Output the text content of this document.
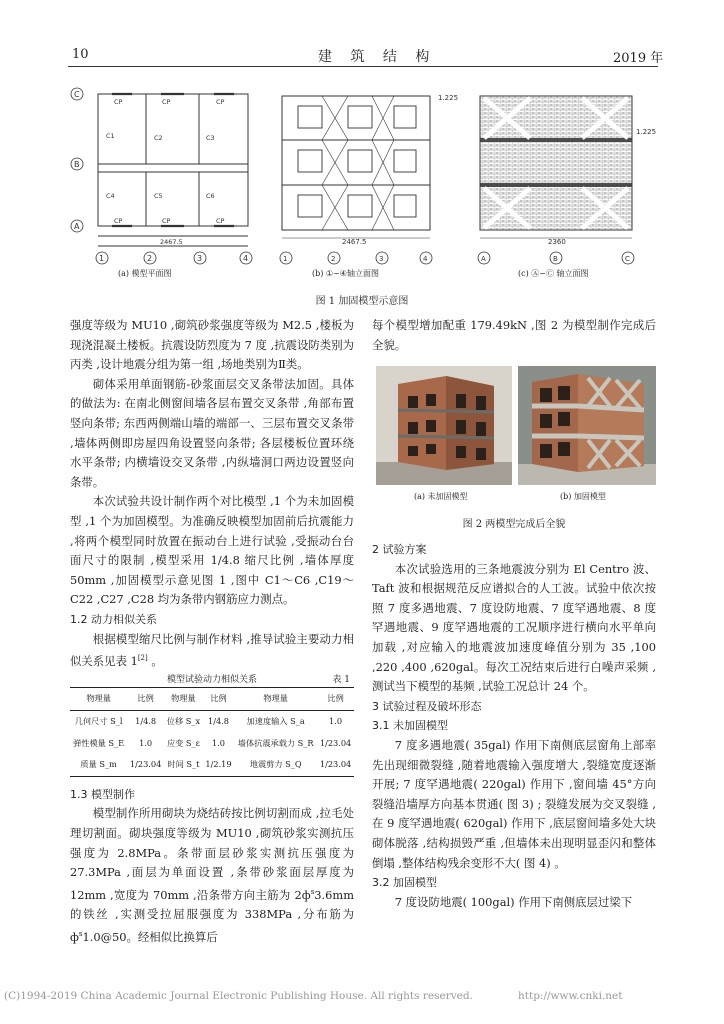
10	建 筑 结 构	2019 年
CP	CP	CP
CP	CP	CP
C1	C2	C3
C4	C5	C6
C
B
A
1	2	3	4
2467.5
1	2	3	4
2467.5
1.225
A	B	C
2360
1.225
(a) 模型平面图	(b) ①~④轴立面图	(c) Ⓐ~Ⓒ 轴立面图
图 1 加固模型示意图

强度等级为 MU10 ,砌筑砂浆强度等级为 M2.5 ,楼板为现浇混凝土楼板。抗震设防烈度为 7 度 ,抗震设防类别为丙类 ,设计地震分组为第一组 ,场地类别为Ⅱ类。

砌体采用单面钢筋-砂浆面层交叉条带法加固。具体的做法为: 在南北侧窗间墙各层布置交叉条带 ,角部布置竖向条带; 东西两侧端山墙的端部一、三层布置交叉条带 ,墙体两侧即房屋四角设置竖向条带; 各层楼板位置环绕水平条带; 内横墙设交叉条带 ,内纵墙洞口两边设置竖向条带。

本次试验共设计制作两个对比模型 ,1 个为未加固模型 ,1 个为加固模型。为准确反映模型加固前后抗震能力 ,将两个模型同时放置在振动台上进行试验 ,受振动台台面尺寸的限制 ,模型采用 1/4.8 缩尺比例 ,墙体厚度 50mm ,加固模型示意见图 1 ,图中 C1～C6 ,C19～C22 ,C27 ,C28 均为条带内钢筋应力测点。

1.2 动力相似关系

根据模型缩尺比例与制作材料 ,推导试验主要动力相似关系见表 1[2] 。

模型试验动力相似关系	表 1
物理量	比例	物理量	比例	物理量	比例
几何尺寸 S_l	1/4.8	位移 S_x	1/4.8	加速度输入 S_a	1.0
弹性模量 S_E	1.0	应变 S_ε	1.0	墙体抗震承载力 S_R	1/23.04
质量 S_m	1/23.04	时间 S_t	1/2.19	地震剪力 S_Q	1/23.04

1.3 模型制作

模型制作所用砌块为烧结砖按比例切割而成 ,拉毛处理切割面。砌块强度等级为 MU10 ,砌筑砂浆实测抗压强度为 2.8MPa。条带面层砂浆实测抗压强度为 27.3MPa ,面层为单面设置 ,条带砂浆面层厚度为 12mm ,宽度为 70mm ,沿条带方向主筋为 $2ф^s3.6mm$ 的铁丝 ,实测受拉屈服强度为 338MPa ,分布筋为 $ф^s1.0@50$。经相似比换算后

每个模型增加配重 179.49kN ,图 2 为模型制作完成后全貌。

(a) 未加固模型	(b) 加固模型
图 2 两模型完成后全貌

2 试验方案

本次试验选用的三条地震波分别为 El Centro 波、Taft 波和根据规范反应谱拟合的人工波。试验中依次按照 7 度多遇地震、7 度设防地震、7 度罕遇地震、8 度罕遇地震、9 度罕遇地震的工况顺序进行横向水平单向加载 ,对应输入的地震波加速度峰值分别为 35 ,100 ,220 ,400 ,620gal。每次工况结束后进行白噪声采频 ,测试当下模型的基频 ,试验工况总计 24 个。

3 试验过程及破坏形态

3.1 未加固模型

7 度多遇地震( 35gal) 作用下南侧底层窗角上部率先出现细微裂缝 ,随着地震输入强度增大 ,裂缝宽度逐渐开展; 7 度罕遇地震( 220gal) 作用下 ,窗间墙 45°方向裂缝沿墙厚方向基本贯通( 图 3) ; 裂缝发展为交叉裂缝 ,在 9 度罕遇地震( 620gal) 作用下 ,底层窗间墙多处大块砌体脱落 ,结构损毁严重 ,但墙体未出现明显歪闪和整体倒塌 ,整体结构残余变形不大( 图 4) 。

3.2 加固模型

7 度设防地震( 100gal) 作用下南侧底层过梁下

(C)1994-2019 China Academic Journal Electronic Publishing House. All rights reserved.	http://www.cnki.net
